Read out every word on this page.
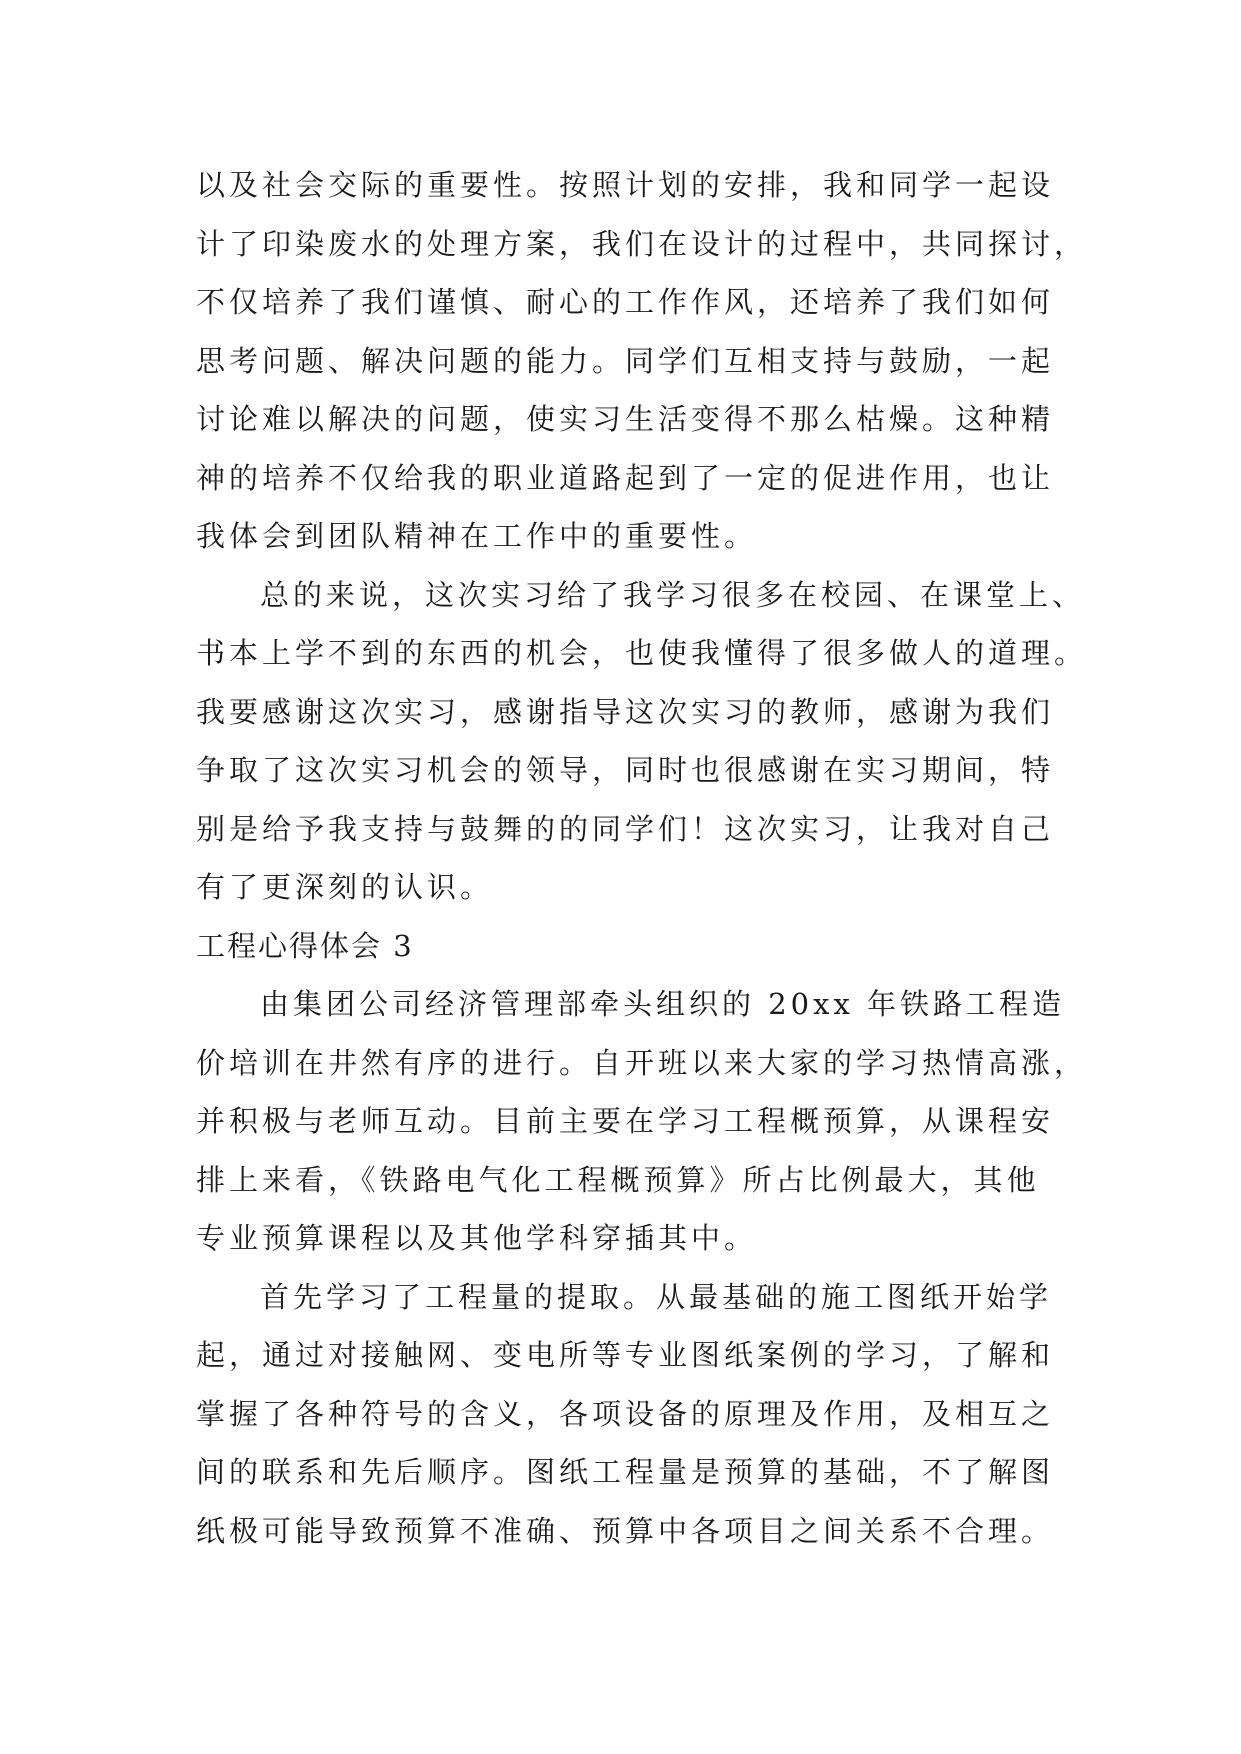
以及社会交际的重要性。按照计划的安排，我和同学一起设
计了印染废水的处理方案，我们在设计的过程中，共同探讨，
不仅培养了我们谨慎、耐心的工作作风，还培养了我们如何
思考问题、解决问题的能力。同学们互相支持与鼓励，一起
讨论难以解决的问题，使实习生活变得不那么枯燥。这种精
神的培养不仅给我的职业道路起到了一定的促进作用，也让
我体会到团队精神在工作中的重要性。
总的来说，这次实习给了我学习很多在校园、在课堂上、
书本上学不到的东西的机会，也使我懂得了很多做人的道理。
我要感谢这次实习，感谢指导这次实习的教师，感谢为我们
争取了这次实习机会的领导，同时也很感谢在实习期间，特
别是给予我支持与鼓舞的的同学们！这次实习，让我对自己
有了更深刻的认识。
工程心得体会 3
由集团公司经济管理部牵头组织的 20xx 年铁路工程造
价培训在井然有序的进行。自开班以来大家的学习热情高涨，
并积极与老师互动。目前主要在学习工程概预算，从课程安
排上来看，《铁路电气化工程概预算》所占比例最大，其他
专业预算课程以及其他学科穿插其中。
首先学习了工程量的提取。从最基础的施工图纸开始学
起，通过对接触网、变电所等专业图纸案例的学习，了解和
掌握了各种符号的含义，各项设备的原理及作用，及相互之
间的联系和先后顺序。图纸工程量是预算的基础，不了解图
纸极可能导致预算不准确、预算中各项目之间关系不合理。
